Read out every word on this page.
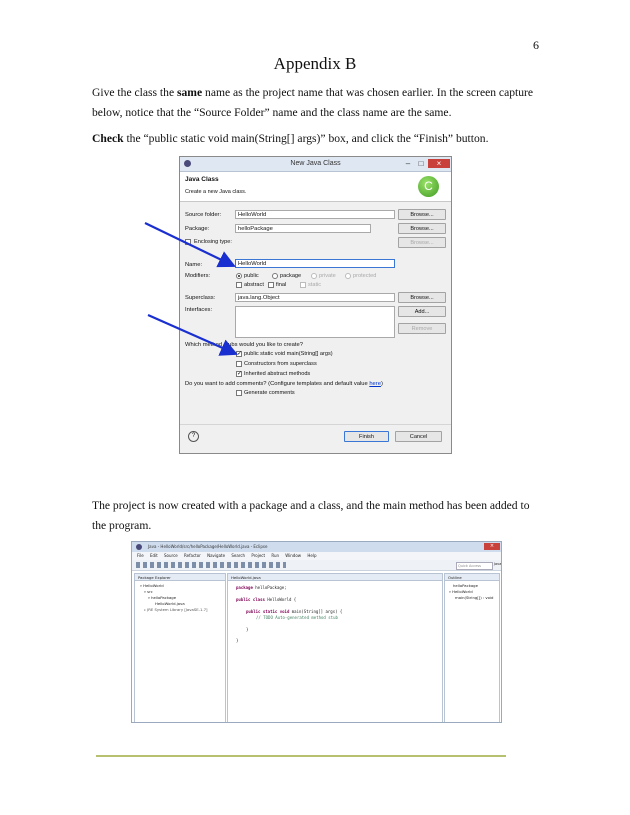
6
Appendix B
Give the class the same name as the project name that was chosen earlier. In the screen capture below, notice that the “Source Folder” name and the class name are the same.
Check the “public static void main(String[] args)” box, and click the “Finish” button.
New Java Class	–	□	×
Java Class
Create a new Java class.	C
Source folder:	HelloWorld	Browse...
Package:	helloPackage	Browse...
Enclosing type:	Browse...
Name:	HelloWorld
Modifiers:	public	package	private	protected
abstract final	static
Superclass:	java.lang.Object	Browse...
Interfaces:	Add...
Remove
Which method stubs would you like to create?
✓ public static void main(String[] args)
Constructors from superclass
✓ Inherited abstract methods
Do you want to add comments? (Configure templates and default value here)
Generate comments
?	Finish	Cancel
The project is now created with a package and a class, and the main method has been added to the program.
Java - HelloWorld/src/helloPackage/HelloWorld.java - Eclipse	×
File Edit Source Refactor Navigate Search Project Run Window Help
Quick Access	Java
Package Explorer
▿ HelloWorld
▿ src
▿ helloPackage
HelloWorld.java
▹ JRE System Library [JavaSE-1.7]
HelloWorld.java
package helloPackage;
public class HelloWorld {
public static void main(String[] args) {
// TODO Auto-generated method stub
}
}
Outline
helloPackage
▿ HelloWorld
main(String[]) : void
